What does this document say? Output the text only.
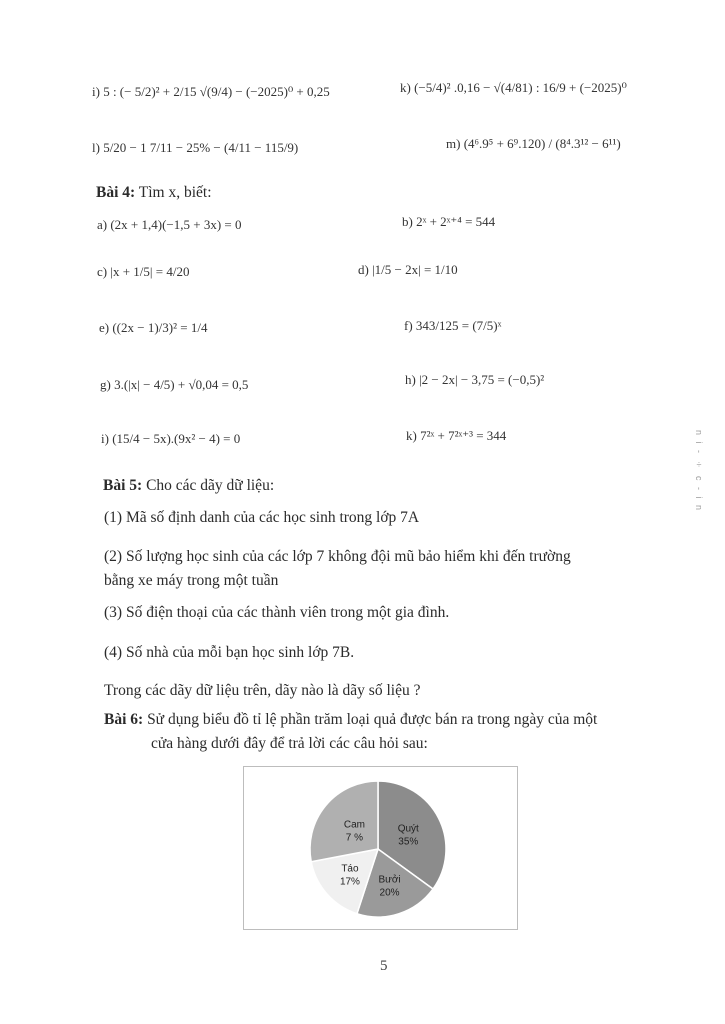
i) 5 : (− 5/2)² + 2/15 √(9/4) − (−2025)⁰ + 0,25	k) (−5/4)² .0,16 − √(4/81) : 16/9 + (−2025)⁰
l) 5/20 − 1 7/11 − 25% − (4/11 − 115/9)	m) (4⁶.9⁵ + 6⁹.120) / (8⁴.3¹² − 6¹¹)
Bài 4: Tìm x, biết:
a) (2x + 1,4)(−1,5 + 3x) = 0	b) 2ˣ + 2ˣ⁺⁴ = 544
c) |x + 1/5| = 4/20	d) |1/5 − 2x| = 1/10
e) ((2x − 1)/3)² = 1/4	f) 343/125 = (7/5)ˣ
g) 3.(|x| − 4/5) + √0,04 = 0,5	h) |2 − 2x| − 3,75 = (−0,5)²
i) (15/4 − 5x).(9x² − 4) = 0	k) 7²ˣ + 7²ˣ⁺³ = 344
Bài 5: Cho các dãy dữ liệu:
(1) Mã số định danh của các học sinh trong lớp 7A
(2) Số lượng học sinh của các lớp 7 không đội mũ bảo hiểm khi đến trường
bằng xe máy trong một tuần
(3) Số điện thoại của các thành viên trong một gia đình.
(4) Số nhà của mỗi bạn học sinh lớp 7B.
Trong các dãy dữ liệu trên, dãy nào là dãy số liệu ?
Bài 6: Sử dụng biểu đồ tỉ lệ phần trăm loại quả được bán ra trong ngày của một
cửa hàng dưới đây để trả lời các câu hỏi sau:
Quýt
35%
Bưởi
20%
Táo
17%
Cam
7 %
5
n i - ÷ c - i n
